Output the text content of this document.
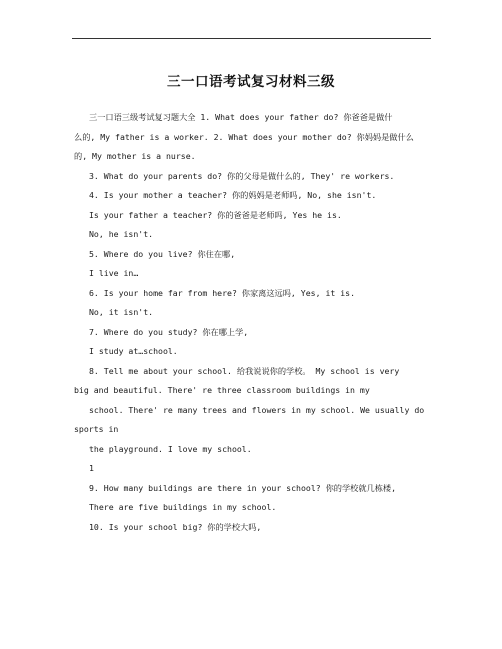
三一口语考试复习材料三级
三一口语三级考试复习题大全 1. What does your father do? 你爸爸是做什
么的, My father is a worker. 2. What does your mother do? 你妈妈是做什么
的, My mother is a nurse.
3. What do your parents do? 你的父母是做什么的, They' re workers.
4. Is your mother a teacher? 你的妈妈是老师吗, No, she isn't.
Is your father a teacher? 你的爸爸是老师吗, Yes he is.
No, he isn't.
5. Where do you live? 你住在哪,
I live in…
6. Is your home far from here? 你家离这远吗, Yes, it is.
No, it isn't.
7. Where do you study? 你在哪上学,
I study at…school.
8. Tell me about your school. 给我说说你的学校。 My school is very
big and beautiful. There' re three classroom buildings in my
school. There' re many trees and flowers in my school. We usually do
sports in
the playground. I love my school.
1
9. How many buildings are there in your school? 你的学校就几栋楼,
There are five buildings in my school.
10. Is your school big? 你的学校大吗,
